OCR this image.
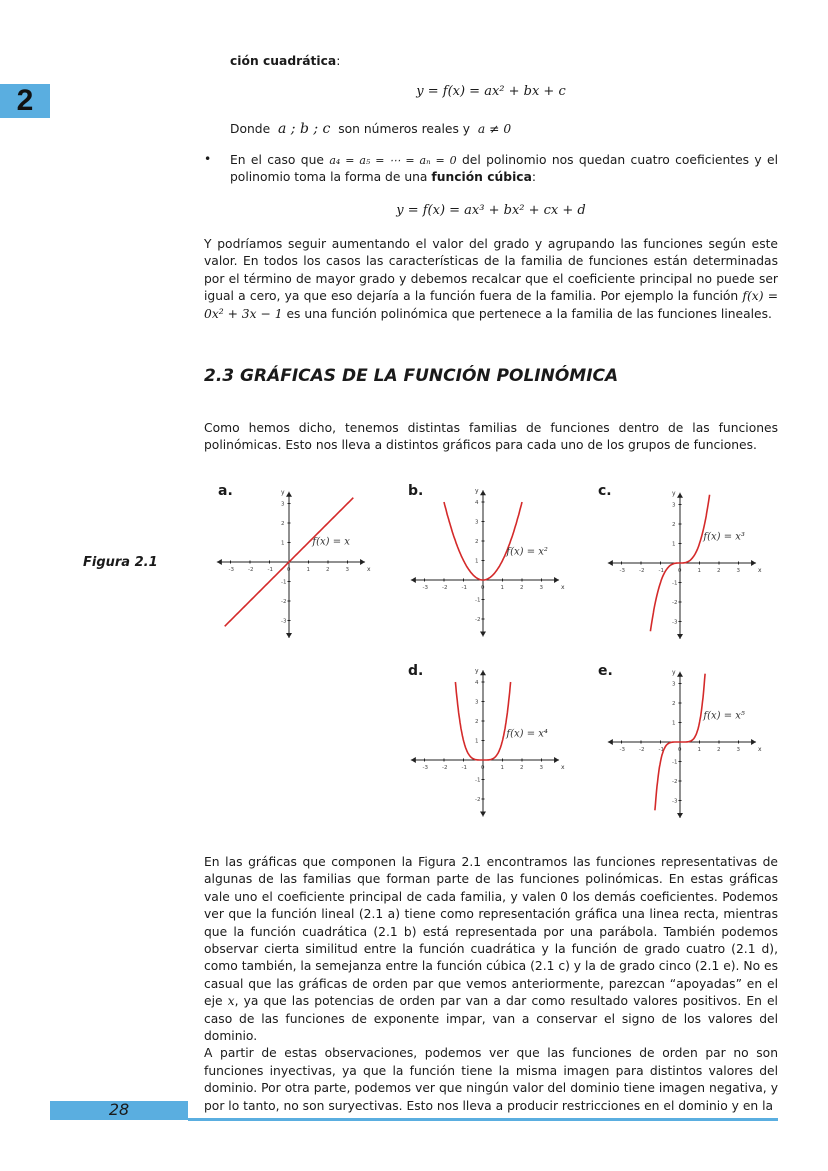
2
ción cuadrática:
y = f(x) = ax² + bx + c
Donde a ; b ; c son números reales y a ≠ 0
• En el caso que a₄ = a₅ = ⋯ = aₙ = 0 del polinomio nos quedan cuatro coeficientes y el polinomio toma la forma de una función cúbica:
y = f(x) = ax³ + bx² + cx + d
Y podríamos seguir aumentando el valor del grado y agrupando las funciones según este valor. En todos los casos las características de la familia de funciones están determinadas por el término de mayor grado y debemos recalcar que el coeficiente principal no puede ser igual a cero, ya que eso dejaría a la función fuera de la familia. Por ejemplo la función f(x) = 0x² + 3x − 1 es una función polinómica que pertenece a la familia de las funciones lineales.
2.3 GRÁFICAS DE LA FUNCIÓN POLINÓMICA
Como hemos dicho, tenemos distintas familias de funciones dentro de las funciones polinómicas. Esto nos lleva a distintos gráficos para cada uno de los grupos de funciones.
Figura 2.1
a.
x
y
-3	-2	-1	0	1	2	3
-3
-2
-1
1
2
3
f(x) = x
b.
x
y
-3	-2	-1	0	1	2	3
-2
-1
1
2
3
4
f(x) = x²
c.
x
y
-3	-2	-1	0	1	2	3
-3
-2
-1
1
2
3
f(x) = x³
d.
x
y
-3	-2	-1	0	1	2	3
-2
-1
1
2
3
4
f(x) = x⁴
e.
x
y
-3	-2	-1	0	1	2	3
-3
-2
-1
1
2
3
f(x) = x⁵
En las gráficas que componen la Figura 2.1 encontramos las funciones representativas de algunas de las familias que forman parte de las funciones polinómicas. En estas gráficas vale uno el coeficiente principal de cada familia, y valen 0 los demás coeficientes. Podemos ver que la función lineal (2.1 a) tiene como representación gráfica una linea recta, mientras que la función cuadrática (2.1 b) está representada por una parábola. También podemos observar cierta similitud entre la función cuadrática y la función de grado cuatro (2.1 d), como también, la semejanza entre la función cúbica (2.1 c) y la de grado cinco (2.1 e). No es casual que las gráficas de orden par que vemos anteriormente, parezcan “apoyadas” en el eje x, ya que las potencias de orden par van a dar como resultado valores positivos. En el caso de las funciones de exponente impar, van a conservar el signo de los valores del dominio.
A partir de estas observaciones, podemos ver que las funciones de orden par no son funciones inyectivas, ya que la función tiene la misma imagen para distintos valores del dominio. Por otra parte, podemos ver que ningún valor del dominio tiene imagen negativa, y por lo tanto, no son suryectivas. Esto nos lleva a producir restricciones en el dominio y en la
28
